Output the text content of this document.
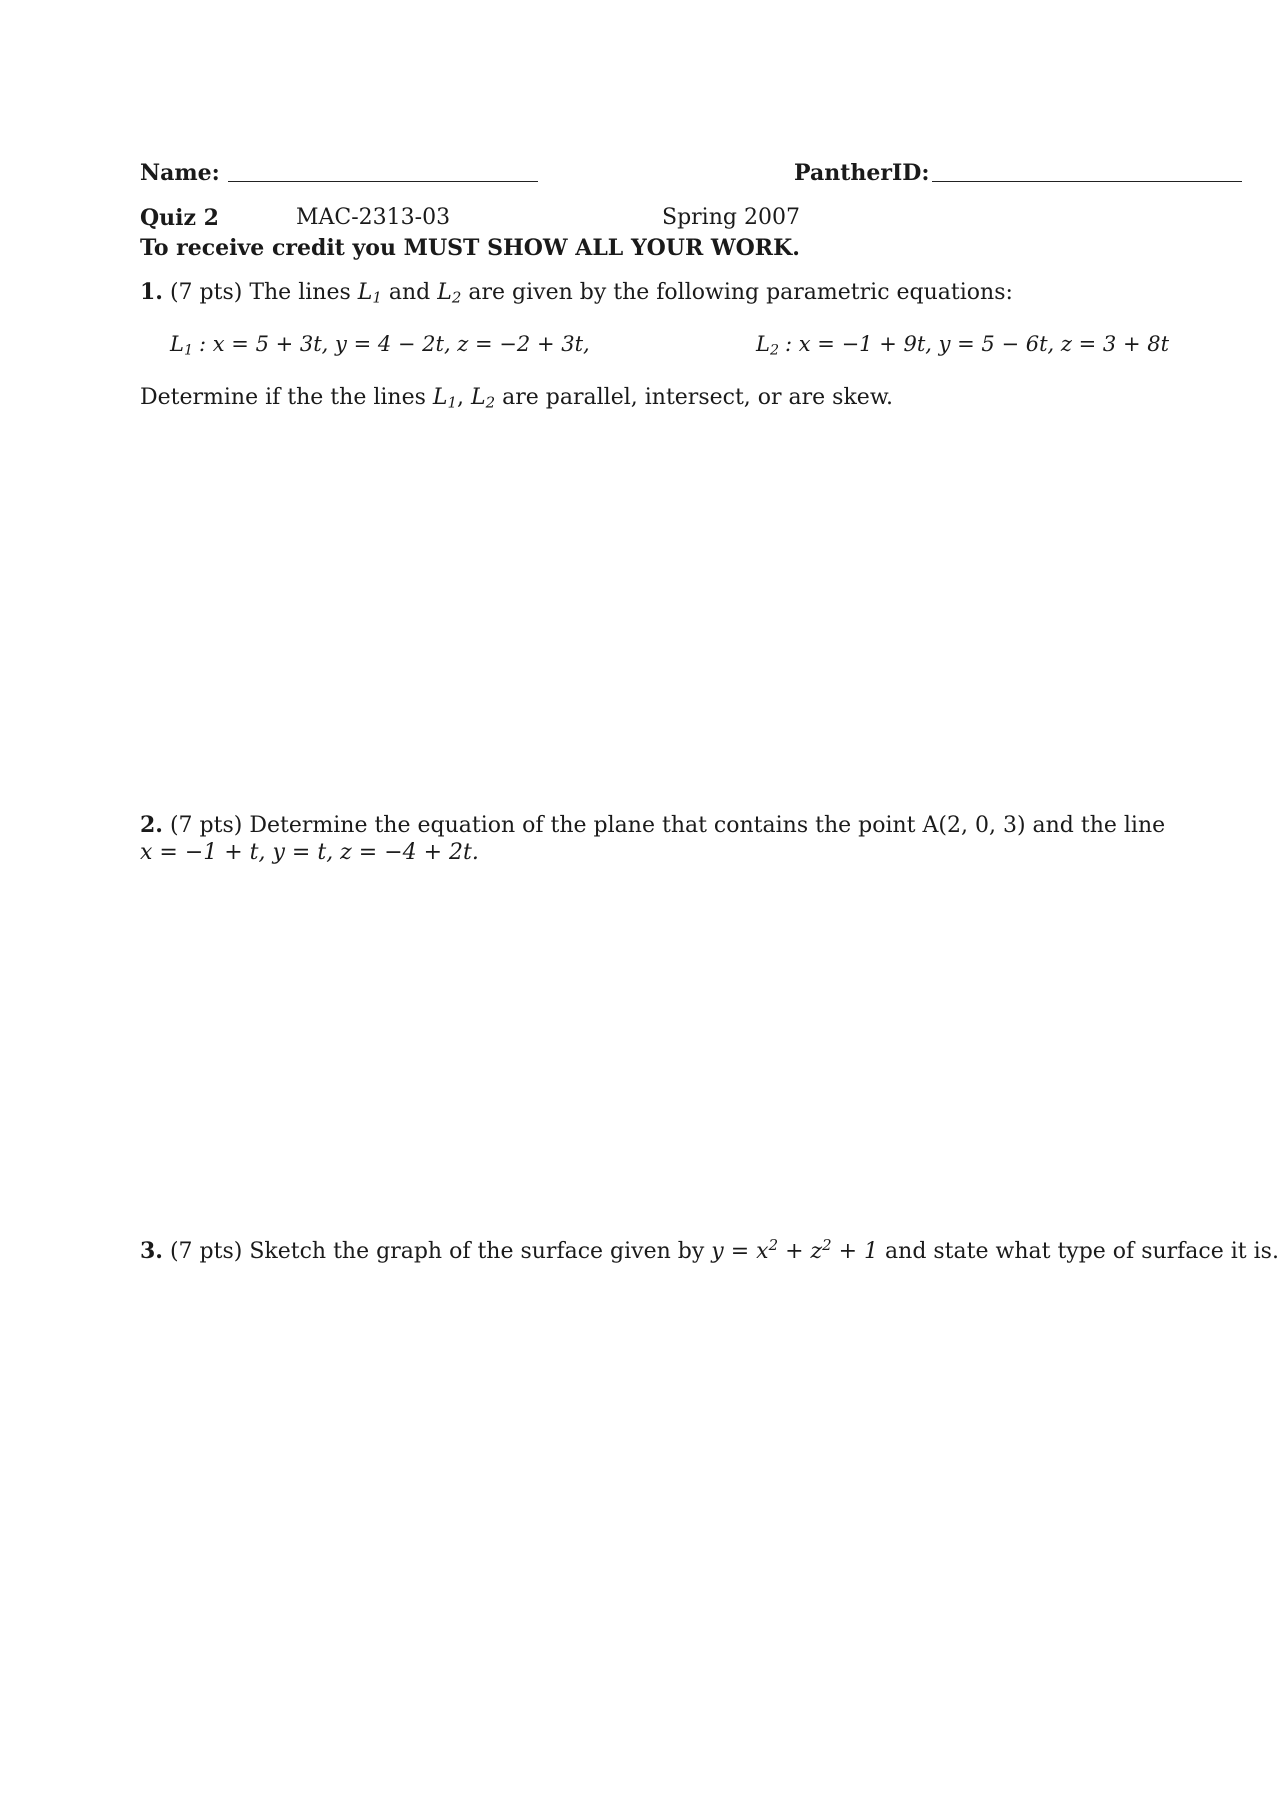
Name:	PantherID:
Quiz 2	MAC-2313-03	Spring 2007
To receive credit you MUST SHOW ALL YOUR WORK.
1. (7 pts) The lines $L_1$ and $L_2$ are given by the following parametric equations:
$L_1$ : x = 5 + 3t, y = 4 − 2t, z = −2 + 3t,	$L_2$ : x = −1 + 9t, y = 5 − 6t, z = 3 + 8t
Determine if the the lines $L_1$, $L_2$ are parallel, intersect, or are skew.
2. (7 pts) Determine the equation of the plane that contains the point A(2, 0, 3) and the line
x = −1 + t, y = t, z = −4 + 2t.
3. (7 pts) Sketch the graph of the surface given by $y = x^2 + z^2 + 1$ and state what type of surface it is.
